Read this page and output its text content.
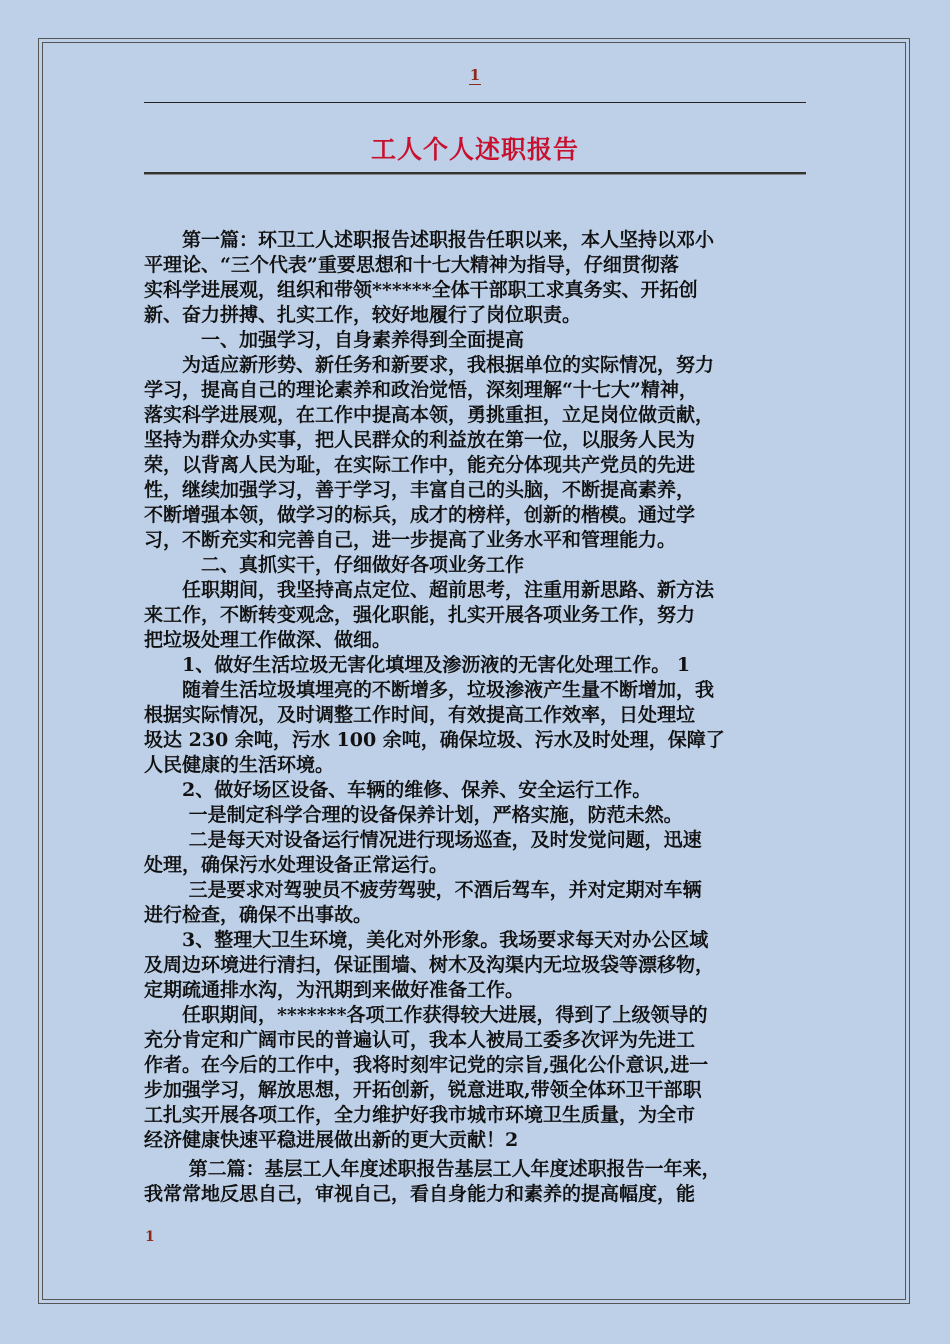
1
工人个人述职报告

　　第一篇：环卫工人述职报告述职报告任职以来，本人坚持以邓小
平理论、“三个代表”重要思想和十七大精神为指导，仔细贯彻落
实科学进展观，组织和带领******全体干部职工求真务实、开拓创
新、奋力拼搏、扎实工作，较好地履行了岗位职责。

　　　一、加强学习，自身素养得到全面提高

　　为适应新形势、新任务和新要求，我根据单位的实际情况，努力
学习，提高自己的理论素养和政治觉悟，深刻理解“十七大”精神，
落实科学进展观，在工作中提高本领，勇挑重担，立足岗位做贡献，
坚持为群众办实事，把人民群众的利益放在第一位，以服务人民为
荣，以背离人民为耻，在实际工作中，能充分体现共产党员的先进
性，继续加强学习，善于学习，丰富自己的头脑，不断提高素养，
不断增强本领，做学习的标兵，成才的榜样，创新的楷模。通过学
习，不断充实和完善自己，进一步提高了业务水平和管理能力。

　　　二、真抓实干，仔细做好各项业务工作

　　任职期间，我坚持高点定位、超前思考，注重用新思路、新方法
来工作，不断转变观念，强化职能，扎实开展各项业务工作，努力
把垃圾处理工作做深、做细。

　　1、做好生活垃圾无害化填埋及渗沥液的无害化处理工作。 1

　　随着生活垃圾填埋亮的不断增多，垃圾渗液产生量不断增加，我
根据实际情况，及时调整工作时间，有效提高工作效率，日处理垃
圾达 230 余吨，污水 100 余吨，确保垃圾、污水及时处理，保障了
人民健康的生活环境。

　　2、做好场区设备、车辆的维修、保养、安全运行工作。

　　 一是制定科学合理的设备保养计划，严格实施，防范未然。

　　 二是每天对设备运行情况进行现场巡查，及时发觉问题，迅速
处理，确保污水处理设备正常运行。

　　 三是要求对驾驶员不疲劳驾驶，不酒后驾车，并对定期对车辆
进行检查，确保不出事故。

　　3、整理大卫生环境，美化对外形象。我场要求每天对办公区域
及周边环境进行清扫，保证围墙、树木及沟渠内无垃圾袋等漂移物，
定期疏通排水沟，为汛期到来做好准备工作。

　　任职期间，*******各项工作获得较大进展，得到了上级领导的
充分肯定和广阔市民的普遍认可，我本人被局工委多次评为先进工
作者。在今后的工作中，我将时刻牢记党的宗旨,强化公仆意识,进一
步加强学习，解放思想，开拓创新，锐意进取,带领全体环卫干部职
工扎实开展各项工作，全力维护好我市城市环境卫生质量，为全市
经济健康快速平稳进展做出新的更大贡献！2

　　 第二篇：基层工人年度述职报告基层工人年度述职报告一年来，
我常常地反思自己，审视自己，看自身能力和素养的提高幅度，能

1
